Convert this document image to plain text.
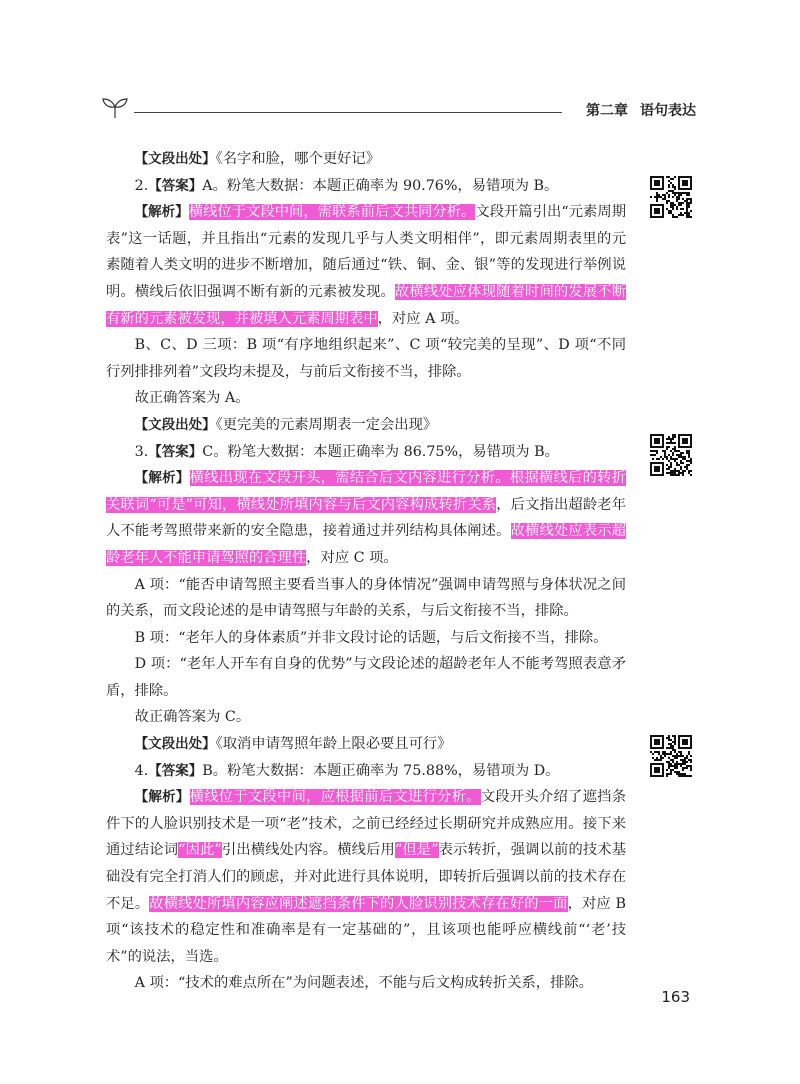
第二章 语句表达

【文段出处】《名字和脸，哪个更好记》

2.【答案】A。粉笔大数据：本题正确率为 90.76%，易错项为 B。

【解析】横线位于文段中间，需联系前后文共同分析。文段开篇引出“元素周期表”这一话题，并且指出“元素的发现几乎与人类文明相伴”，即元素周期表里的元素随着人类文明的进步不断增加，随后通过“铁、铜、金、银”等的发现进行举例说明。横线后依旧强调不断有新的元素被发现。故横线处应体现随着时间的发展不断有新的元素被发现，并被填入元素周期表中，对应 A 项。

B、C、D 三项：B 项“有序地组织起来”、C 项“较完美的呈现”、D 项“不同行列排排列着”文段均未提及，与前后文衔接不当，排除。

故正确答案为 A。

【文段出处】《更完美的元素周期表一定会出现》

3.【答案】C。粉笔大数据：本题正确率为 86.75%，易错项为 B。

【解析】横线出现在文段开头，需结合后文内容进行分析。根据横线后的转折关联词“可是”可知，横线处所填内容与后文内容构成转折关系，后文指出超龄老年人不能考驾照带来新的安全隐患，接着通过并列结构具体阐述。故横线处应表示超龄老年人不能申请驾照的合理性，对应 C 项。

A 项：“能否申请驾照主要看当事人的身体情况”强调申请驾照与身体状况之间的关系，而文段论述的是申请驾照与年龄的关系，与后文衔接不当，排除。

B 项：“老年人的身体素质”并非文段讨论的话题，与后文衔接不当，排除。

D 项：“老年人开车有自身的优势”与文段论述的超龄老年人不能考驾照表意矛盾，排除。

故正确答案为 C。

【文段出处】《取消申请驾照年龄上限必要且可行》

4.【答案】B。粉笔大数据：本题正确率为 75.88%，易错项为 D。

【解析】横线位于文段中间，应根据前后文进行分析。文段开头介绍了遮挡条件下的人脸识别技术是一项“老”技术，之前已经经过长期研究并成熟应用。接下来通过结论词“因此”引出横线处内容。横线后用“但是”表示转折，强调以前的技术基础没有完全打消人们的顾虑，并对此进行具体说明，即转折后强调以前的技术存在不足。故横线处所填内容应阐述遮挡条件下的人脸识别技术存在好的一面，对应 B 项“该技术的稳定性和准确率是有一定基础的”，且该项也能呼应横线前“‘老’技术”的说法，当选。

A 项：“技术的难点所在”为问题表述，不能与后文构成转折关系，排除。

163
